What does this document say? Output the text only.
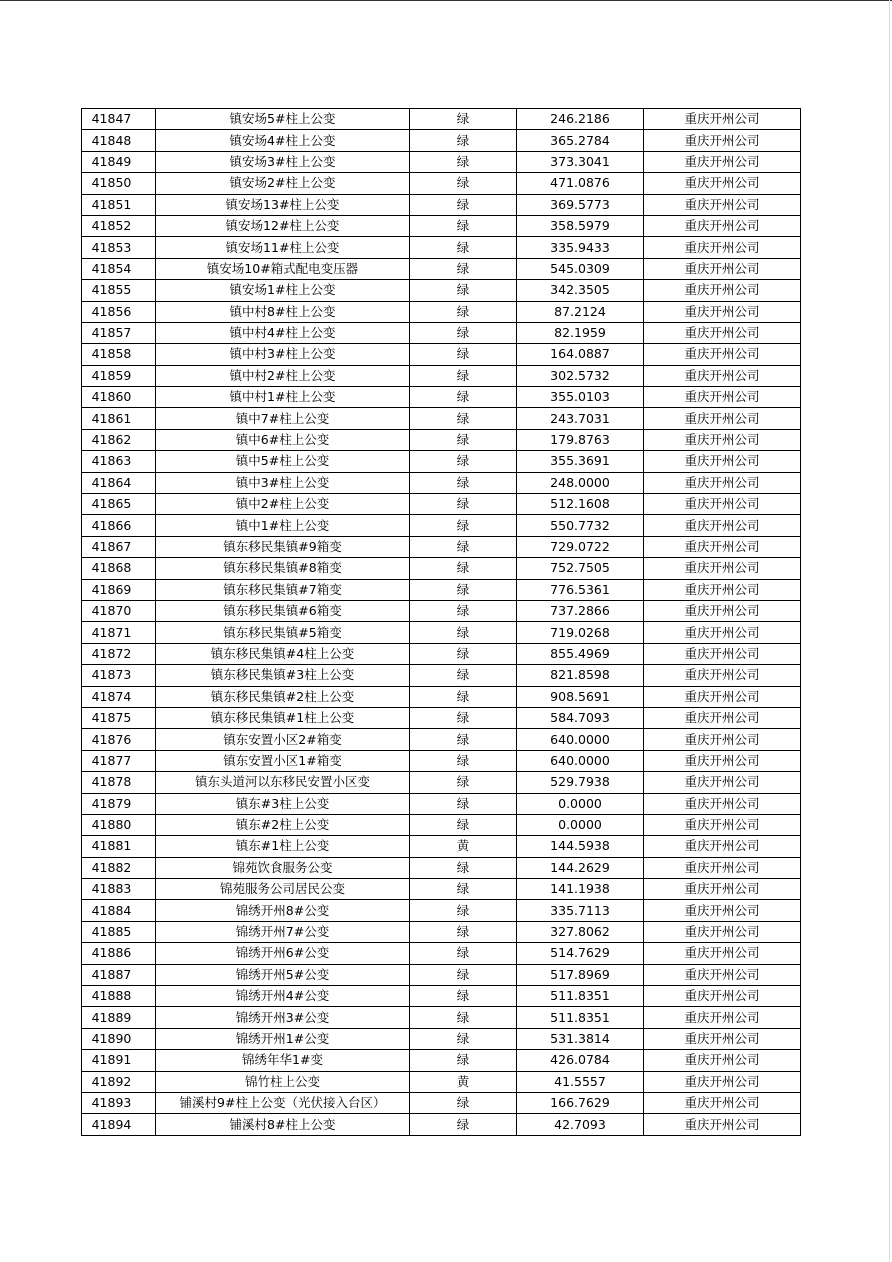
41847	镇安场5#柱上公变	绿	246.2186	重庆开州公司
41848	镇安场4#柱上公变	绿	365.2784	重庆开州公司
41849	镇安场3#柱上公变	绿	373.3041	重庆开州公司
41850	镇安场2#柱上公变	绿	471.0876	重庆开州公司
41851	镇安场13#柱上公变	绿	369.5773	重庆开州公司
41852	镇安场12#柱上公变	绿	358.5979	重庆开州公司
41853	镇安场11#柱上公变	绿	335.9433	重庆开州公司
41854	镇安场10#箱式配电变压器	绿	545.0309	重庆开州公司
41855	镇安场1#柱上公变	绿	342.3505	重庆开州公司
41856	镇中村8#柱上公变	绿	87.2124	重庆开州公司
41857	镇中村4#柱上公变	绿	82.1959	重庆开州公司
41858	镇中村3#柱上公变	绿	164.0887	重庆开州公司
41859	镇中村2#柱上公变	绿	302.5732	重庆开州公司
41860	镇中村1#柱上公变	绿	355.0103	重庆开州公司
41861	镇中7#柱上公变	绿	243.7031	重庆开州公司
41862	镇中6#柱上公变	绿	179.8763	重庆开州公司
41863	镇中5#柱上公变	绿	355.3691	重庆开州公司
41864	镇中3#柱上公变	绿	248.0000	重庆开州公司
41865	镇中2#柱上公变	绿	512.1608	重庆开州公司
41866	镇中1#柱上公变	绿	550.7732	重庆开州公司
41867	镇东移民集镇#9箱变	绿	729.0722	重庆开州公司
41868	镇东移民集镇#8箱变	绿	752.7505	重庆开州公司
41869	镇东移民集镇#7箱变	绿	776.5361	重庆开州公司
41870	镇东移民集镇#6箱变	绿	737.2866	重庆开州公司
41871	镇东移民集镇#5箱变	绿	719.0268	重庆开州公司
41872	镇东移民集镇#4柱上公变	绿	855.4969	重庆开州公司
41873	镇东移民集镇#3柱上公变	绿	821.8598	重庆开州公司
41874	镇东移民集镇#2柱上公变	绿	908.5691	重庆开州公司
41875	镇东移民集镇#1柱上公变	绿	584.7093	重庆开州公司
41876	镇东安置小区2#箱变	绿	640.0000	重庆开州公司
41877	镇东安置小区1#箱变	绿	640.0000	重庆开州公司
41878	镇东头道河以东移民安置小区变	绿	529.7938	重庆开州公司
41879	镇东#3柱上公变	绿	0.0000	重庆开州公司
41880	镇东#2柱上公变	绿	0.0000	重庆开州公司
41881	镇东#1柱上公变	黄	144.5938	重庆开州公司
41882	锦苑饮食服务公变	绿	144.2629	重庆开州公司
41883	锦苑服务公司居民公变	绿	141.1938	重庆开州公司
41884	锦绣开州8#公变	绿	335.7113	重庆开州公司
41885	锦绣开州7#公变	绿	327.8062	重庆开州公司
41886	锦绣开州6#公变	绿	514.7629	重庆开州公司
41887	锦绣开州5#公变	绿	517.8969	重庆开州公司
41888	锦绣开州4#公变	绿	511.8351	重庆开州公司
41889	锦绣开州3#公变	绿	511.8351	重庆开州公司
41890	锦绣开州1#公变	绿	531.3814	重庆开州公司
41891	锦绣年华1#变	绿	426.0784	重庆开州公司
41892	锦竹柱上公变	黄	41.5557	重庆开州公司
41893	铺溪村9#柱上公变（光伏接入台区）	绿	166.7629	重庆开州公司
41894	铺溪村8#柱上公变	绿	42.7093	重庆开州公司
